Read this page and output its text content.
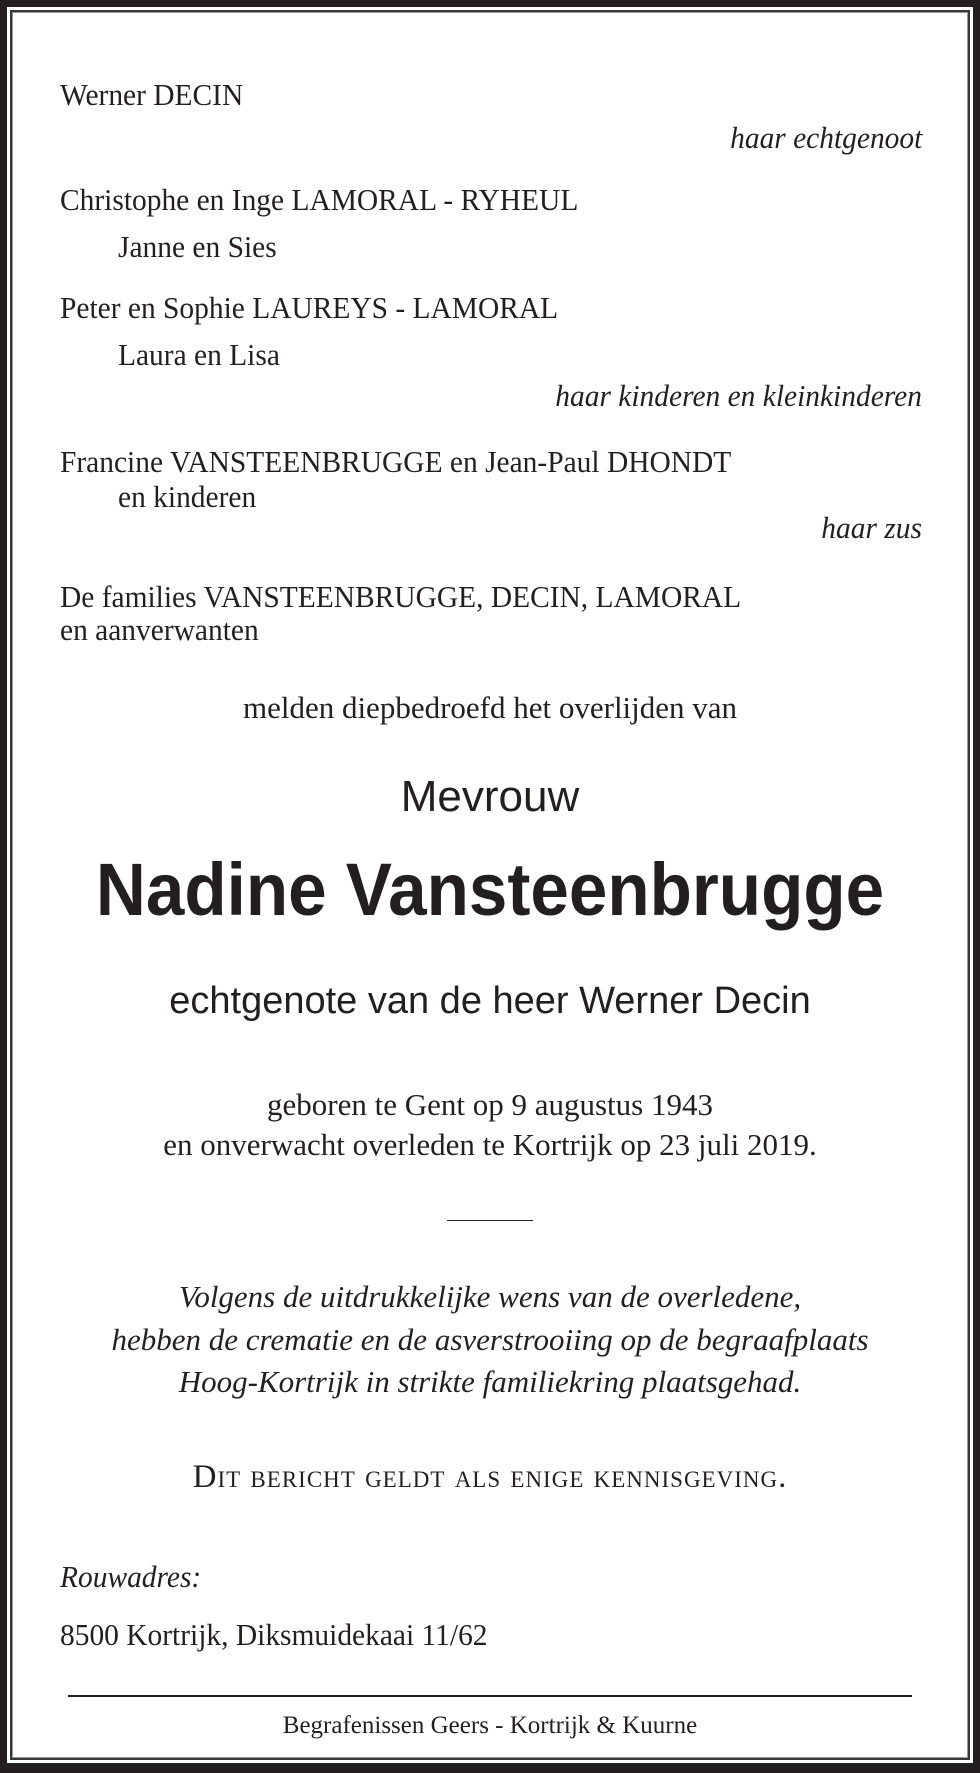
Werner DECIN
haar echtgenoot
Christophe en Inge LAMORAL - RYHEUL
Janne en Sies
Peter en Sophie LAUREYS - LAMORAL
Laura en Lisa
haar kinderen en kleinkinderen
Francine VANSTEENBRUGGE en Jean-Paul DHONDT
en kinderen
haar zus
De families VANSTEENBRUGGE, DECIN, LAMORAL
en aanverwanten
melden diepbedroefd het overlijden van
Mevrouw
Nadine Vansteenbrugge
echtgenote van de heer Werner Decin
geboren te Gent op 9 augustus 1943
en onverwacht overleden te Kortrijk op 23 juli 2019.
Volgens de uitdrukkelijke wens van de overledene,
hebben de crematie en de asverstrooiing op de begraafplaats
Hoog-Kortrijk in strikte familiekring plaatsgehad.
Dit bericht geldt als enige kennisgeving.
Rouwadres:
8500 Kortrijk, Diksmuidekaai 11/62
Begrafenissen Geers - Kortrijk & Kuurne
